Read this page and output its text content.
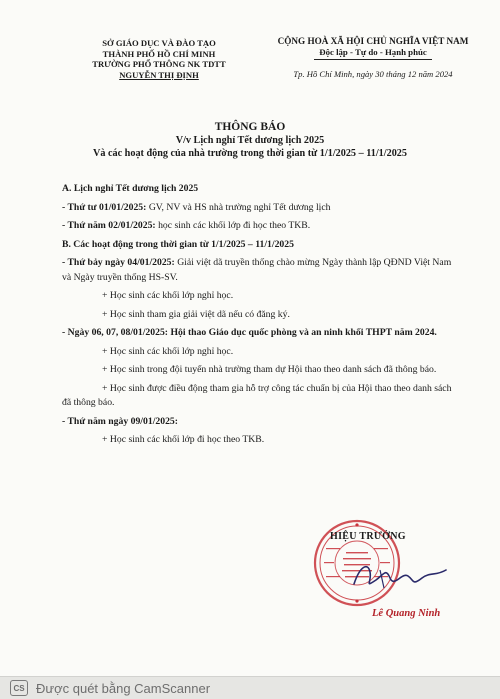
SỞ GIÁO DỤC VÀ ĐÀO TẠO
THÀNH PHỐ HỒ CHÍ MINH
TRƯỜNG PHỔ THÔNG NK TDTT
NGUYỄN THỊ ĐỊNH
CỘNG HOÀ XÃ HỘI CHỦ NGHĨA VIỆT NAM
Độc lập - Tự do - Hạnh phúc
Tp. Hồ Chí Minh, ngày 30 tháng 12 năm 2024
THÔNG BÁO
V/v Lịch nghỉ Tết dương lịch 2025
Và các hoạt động của nhà trường trong thời gian từ 1/1/2025 – 11/1/2025

A. Lịch nghỉ Tết dương lịch 2025

- Thứ tư 01/01/2025: GV, NV và HS nhà trường nghỉ Tết dương lịch

- Thứ năm 02/01/2025: học sinh các khối lớp đi học theo TKB.

B. Các hoạt động trong thời gian từ 1/1/2025 – 11/1/2025

- Thứ bảy ngày 04/01/2025: Giải việt dã truyền thống chào mừng Ngày thành lập QĐND Việt Nam và Ngày truyền thống HS-SV.

+ Học sinh các khối lớp nghỉ học.

+ Học sinh tham gia giải việt dã nếu có đăng ký.

- Ngày 06, 07, 08/01/2025: Hội thao Giáo dục quốc phòng và an ninh khối THPT năm 2024.

+ Học sinh các khối lớp nghỉ học.

+ Học sinh trong đội tuyển nhà trường tham dự Hội thao theo danh sách đã thông báo.

+ Học sinh được điều động tham gia hỗ trợ công tác chuẩn bị của Hội thao theo danh sách đã thông báo.

- Thứ năm ngày 09/01/2025:

+ Học sinh các khối lớp đi học theo TKB.

HIỆU TRƯỞNG
Lê Quang Ninh
CS Được quét bằng CamScanner
